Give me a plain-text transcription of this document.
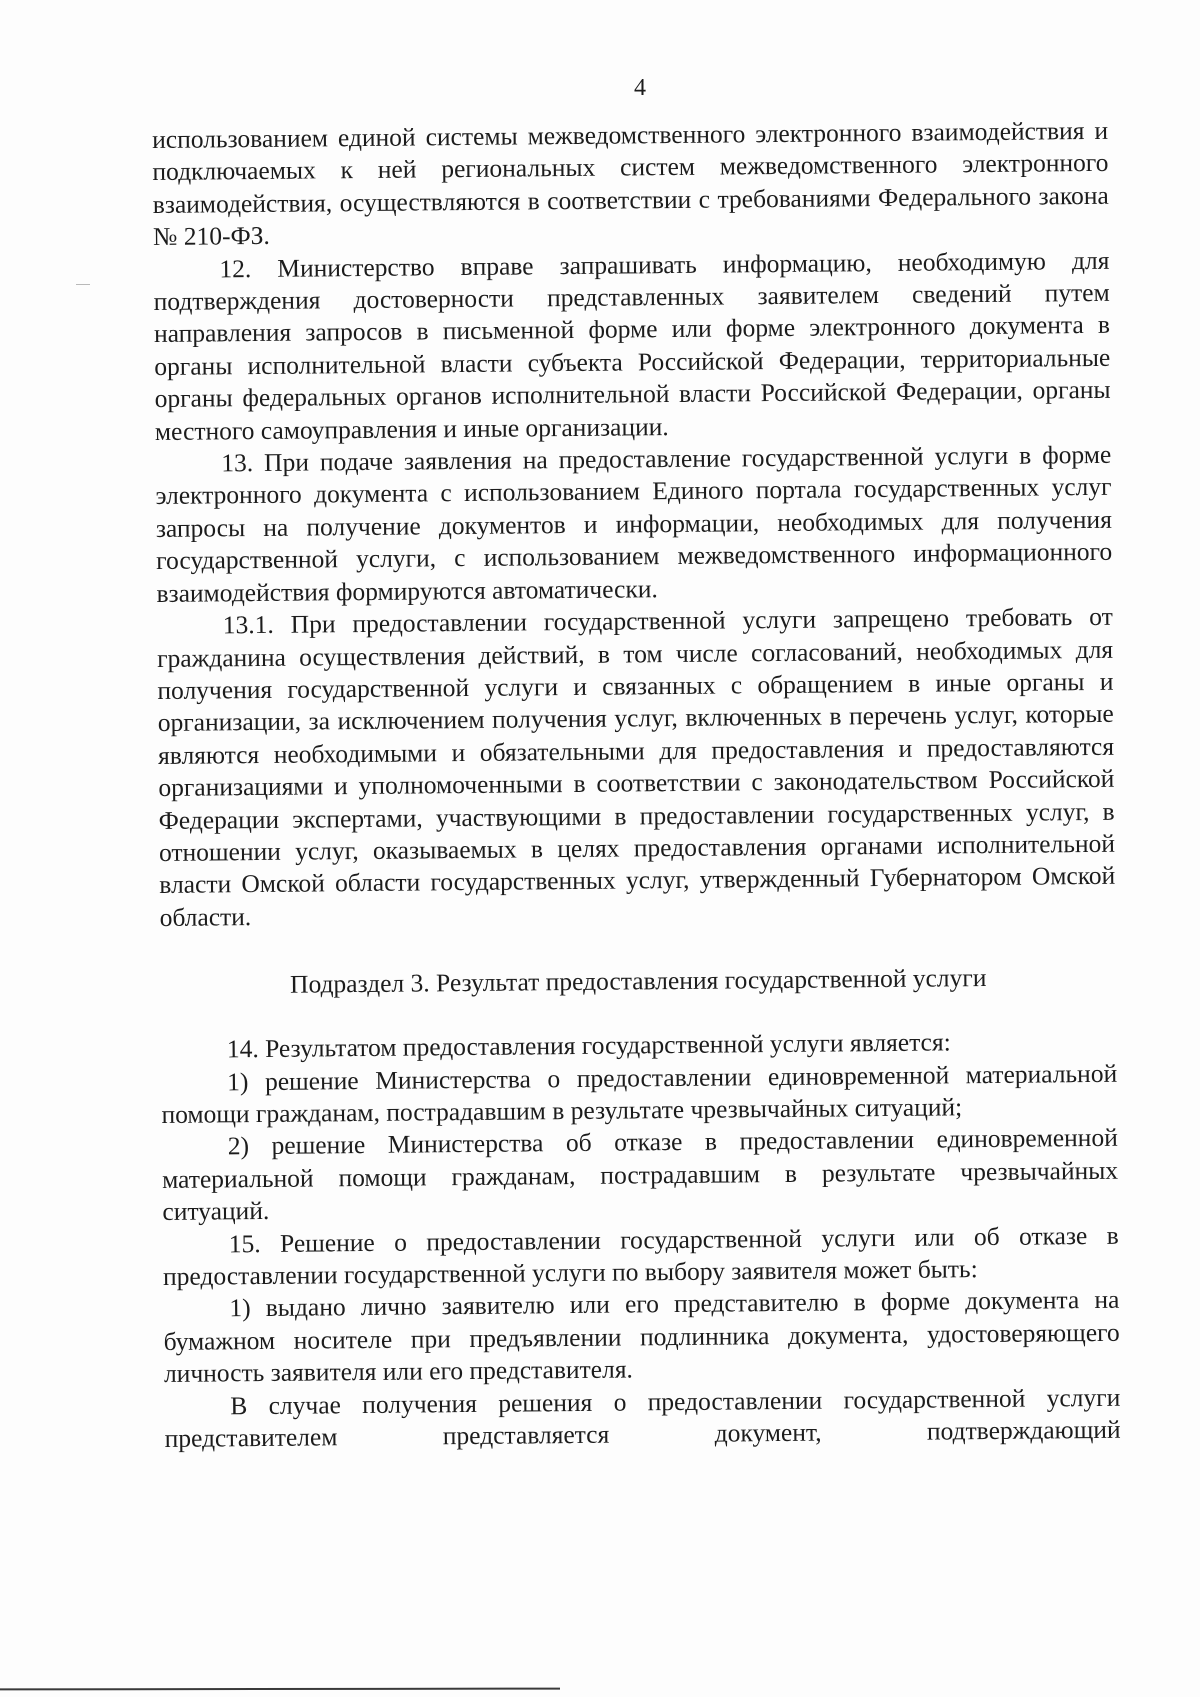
4

использованием единой системы межведомственного электронного взаимодействия и подключаемых к ней региональных систем межведомственного электронного взаимодействия, осуществляются в соответствии с требованиями Федерального закона № 210-ФЗ.

12. Министерство вправе запрашивать информацию, необходимую для подтверждения достоверности представленных заявителем сведений путем направления запросов в письменной форме или форме электронного документа в органы исполнительной власти субъекта Российской Федерации, территориальные органы федеральных органов исполнительной власти Российской Федерации, органы местного самоуправления и иные организации.

13. При подаче заявления на предоставление государственной услуги в форме электронного документа с использованием Единого портала государственных услуг запросы на получение документов и информации, необходимых для получения государственной услуги, с использованием межведомственного информационного взаимодействия формируются автоматически.

13.1. При предоставлении государственной услуги запрещено требовать от гражданина осуществления действий, в том числе согласований, необходимых для получения государственной услуги и связанных с обращением в иные органы и организации, за исключением получения услуг, включенных в перечень услуг, которые являются необходимыми и обязательными для предоставления и предоставляются организациями и уполномоченными в соответствии с законодательством Российской Федерации экспертами, участвующими в предоставлении государственных услуг, в отношении услуг, оказываемых в целях предоставления органами исполнительной власти Омской области государственных услуг, утвержденный Губернатором Омской области.

Подраздел 3. Результат предоставления государственной услуги

14. Результатом предоставления государственной услуги является:

1) решение Министерства о предоставлении единовременной материальной помощи гражданам, пострадавшим в результате чрезвычайных ситуаций;

2) решение Министерства об отказе в предоставлении единовременной материальной помощи гражданам, пострадавшим в результате чрезвычайных ситуаций.

15. Решение о предоставлении государственной услуги или об отказе в предоставлении государственной услуги по выбору заявителя может быть:

1) выдано лично заявителю или его представителю в форме документа на бумажном носителе при предъявлении подлинника документа, удостоверяющего личность заявителя или его представителя.

В случае получения решения о предоставлении государственной услуги представителем представляется документ, подтверждающий
